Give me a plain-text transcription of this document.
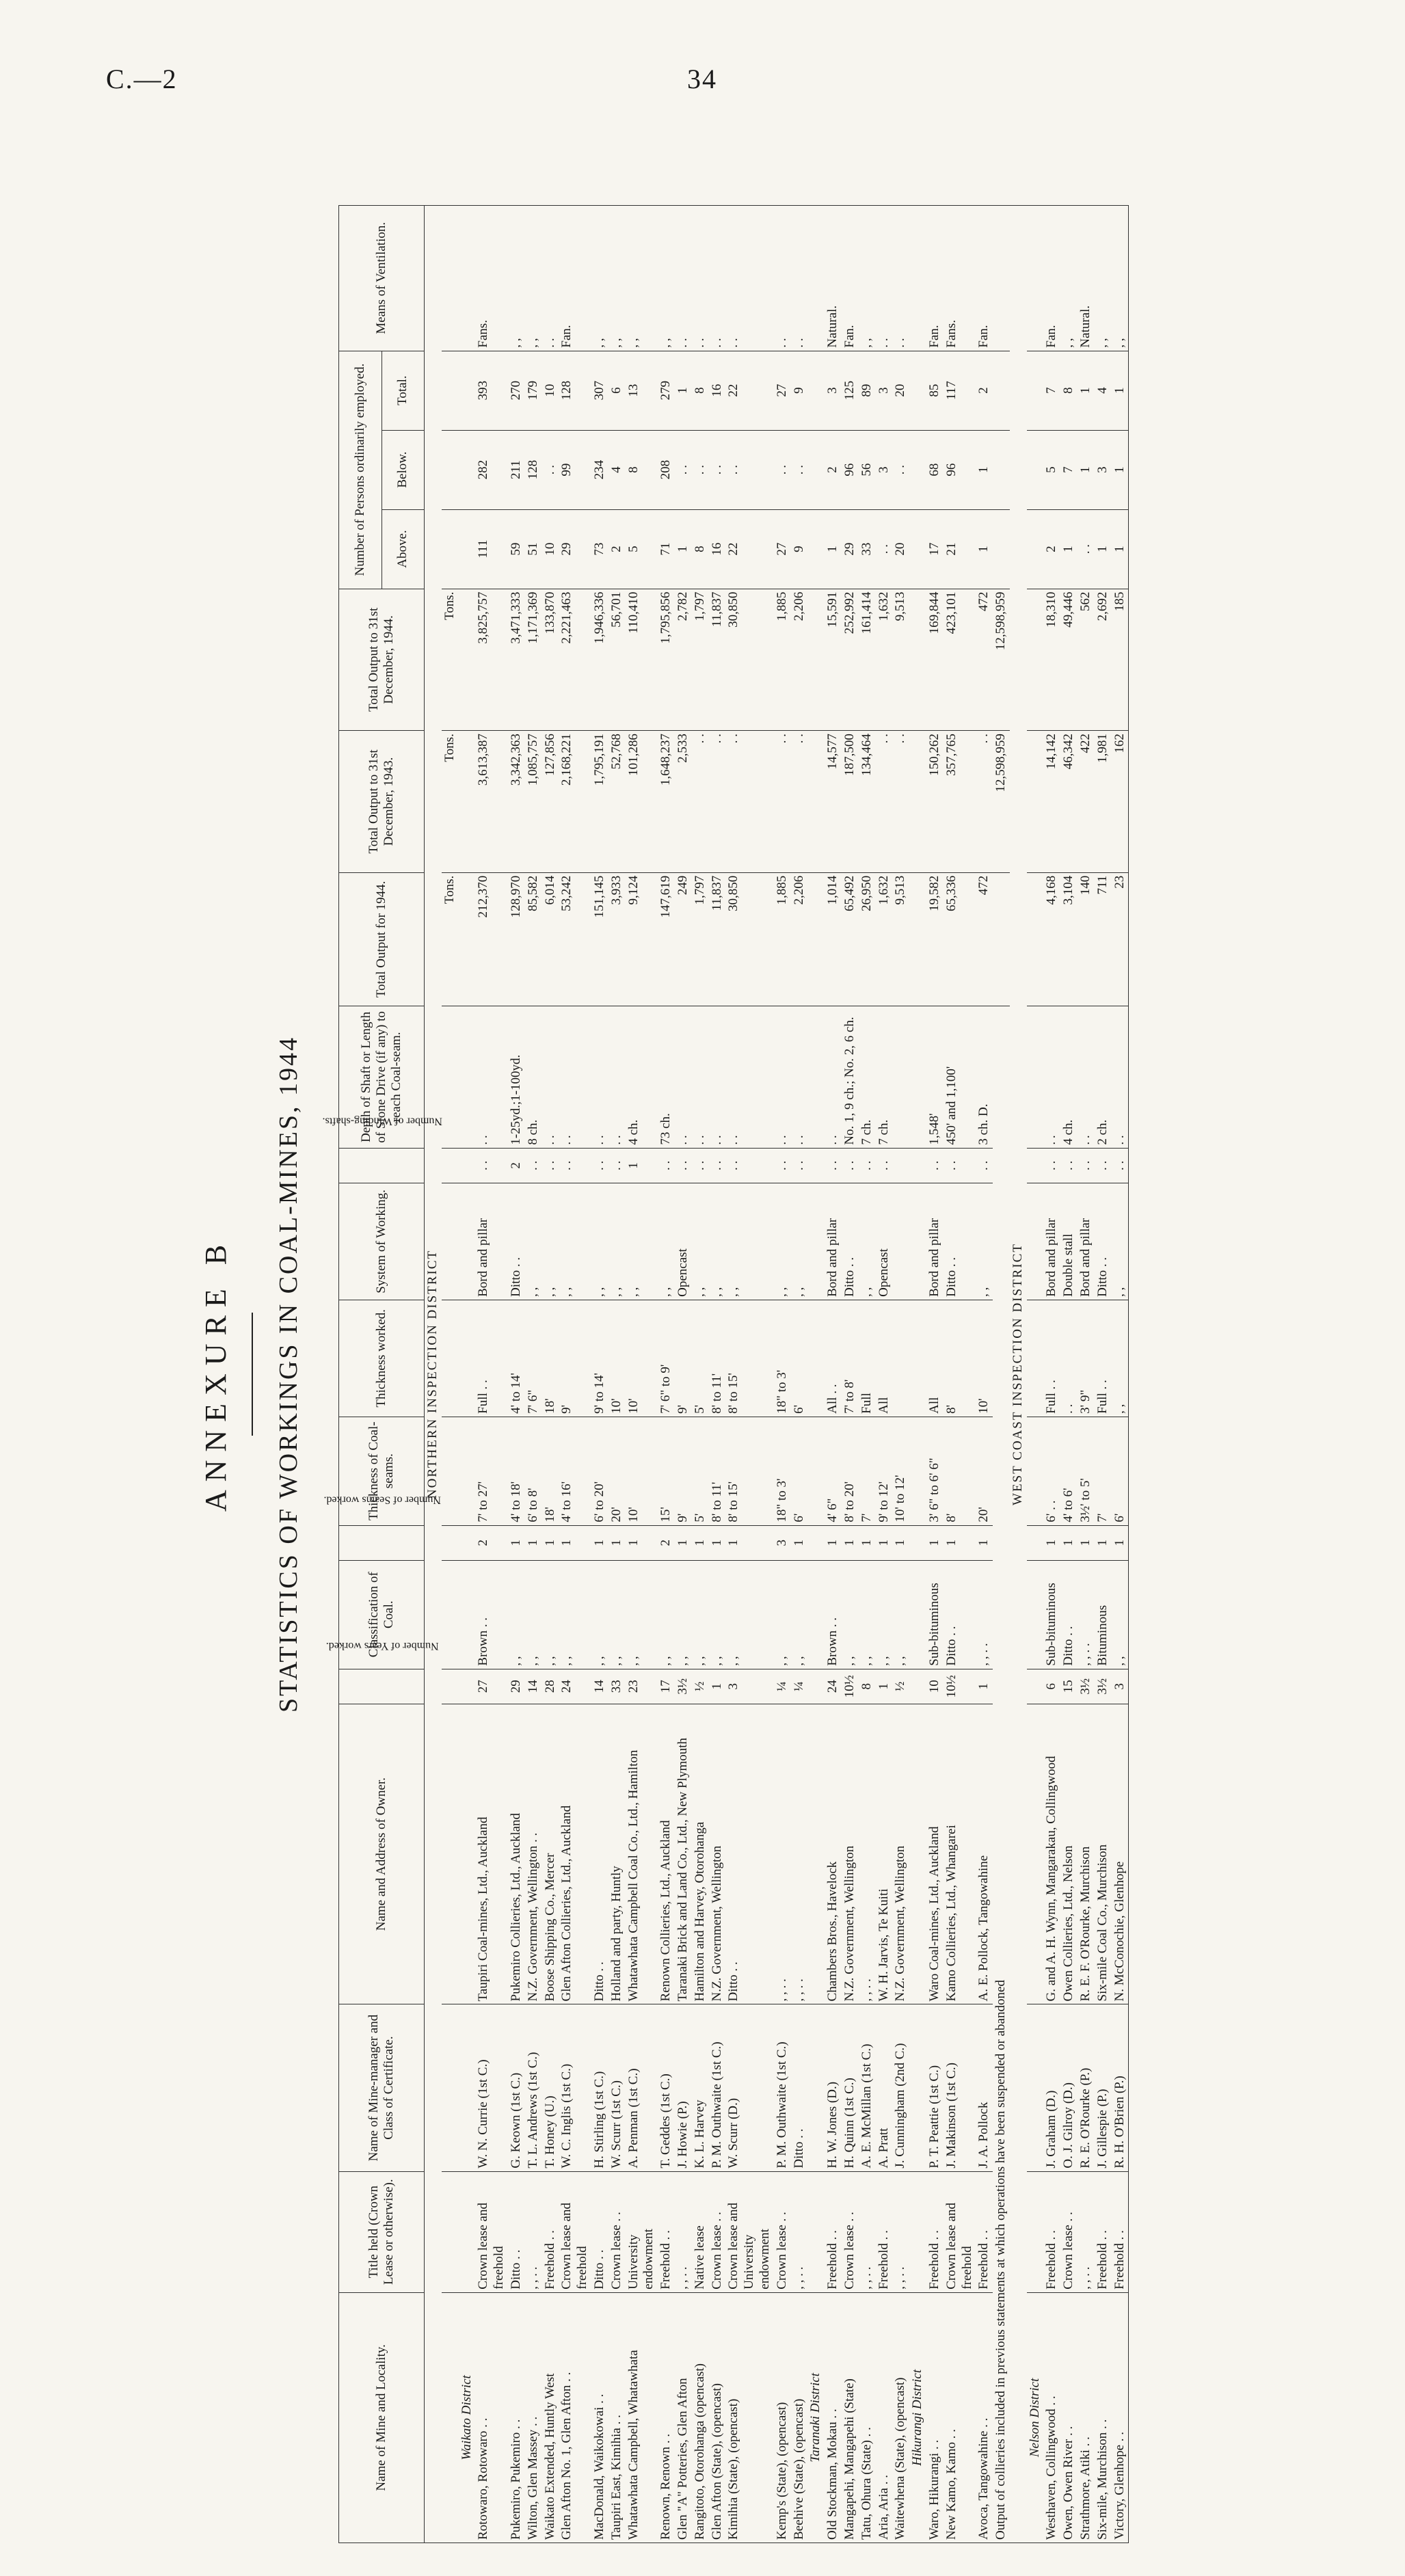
C.—2	34
ANNEXURE B STATISTICS OF WORKINGS IN COAL-MINES, 1944
Name of Mine and Locality.	Title held (Crown Lease or otherwise).	Name of Mine-manager and Class of Certificate.	Name and Address of Owner.	Number of Years worked.	Classification of Coal.	Number of Seams worked.	Thickness of Coal-seams.	Thickness worked.	System of Working.	Number of Winding-shafts.	Depth of Shaft or Length of Stone Drive (if any) to reach Coal-seam.	Total Output for 1944.	Total Output to 31st December, 1943.	Total Output to 31st December, 1944.	Number of Persons ordinarily employed.			Means of Ventilation.
															Above.	Below.	Total.	
NORTHERN INSPECTION DISTRICT																		
												Tons.	Tons.	Tons.				
Waikato District																		
Rotowaro, Rotowaro . .	Crown lease and freehold	W. N. Currie (1st C.)	Taupiri Coal-mines, Ltd., Auckland	27	Brown . .	2	7' to 27'	Full . .	Bord and pillar	. .	. .	212,370	3,613,387	3,825,757	111	282	393	Fans.
Pukemiro, Pukemiro . .	Ditto . .	G. Keown (1st C.)	Pukemiro Collieries, Ltd., Auckland	29	, ,	1	4' to 18'	4' to 14'	Ditto . .	2	1-25yd.;1-100yd.	128,970	3,342,363	3,471,333	59	211	270	, ,
Wilton, Glen Massey . .	, , . .	T. L. Andrews (1st C.)	N.Z. Government, Wellington . .	14	, ,	1	6' to 8'	7' 6"	, ,	. .	8 ch.	85,582	1,085,757	1,171,369	51	128	179	, ,
Waikato Extended, Huntly West	Freehold . .	T. Honey (U.)	Boose Shipping Co., Mercer	28	, ,	1	18'	18'	, ,	. .	. .	6,014	127,856	133,870	10	. .	10	. .
Glen Afton No. 1, Glen Afton . .	Crown lease and freehold	W. C. Inglis (1st C.)	Glen Afton Collieries, Ltd., Auckland	24	, ,	1	4' to 16'	9'	, ,	. .	. .	53,242	2,168,221	2,221,463	29	99	128	Fan.
MacDonald, Waikokowai . .	Ditto . .	H. Stirling (1st C.)	Ditto . .	14	, ,	1	6' to 20'	9' to 14'	, ,	. .	. .	151,145	1,795,191	1,946,336	73	234	307	, ,
Taupiri East, Kimihia . .	Crown lease . .	W. Scurr (1st C.)	Holland and party, Huntly	33	, ,	1	20'	10'	, ,	. .	. .	3,933	52,768	56,701	2	4	6	, ,
Whatawhata Campbell, Whatawhata	University endowment	A. Penman (1st C.)	Whatawhata Campbell Coal Co., Ltd., Hamilton	23	, ,	1	10'	10'	, ,	1	4 ch.	9,124	101,286	110,410	5	8	13	, ,
Renown, Renown . .	Freehold . .	T. Geddes (1st C.)	Renown Collieries, Ltd., Auckland	17	, ,	2	15'	7' 6" to 9'	, ,	. .	73 ch.	147,619	1,648,237	1,795,856	71	208	279	, ,
Glen "A" Potteries, Glen Afton	, , . .	J. Howie (P.)	Taranaki Brick and Land Co., Ltd., New Plymouth	3½	, ,	1	9'	9'	Opencast	. .	. .	249	2,533	2,782	1	. .	1	. .
Rangitoto, Otorohanga (opencast)	Native lease	K. L. Harvey	Hamilton and Harvey, Otorohanga	½	, ,	1	5'	5'	, ,	. .	. .	1,797	. .	1,797	8	. .	8	. .
Glen Afton (State), (opencast)	Crown lease . .	P. M. Outhwaite (1st C.)	N.Z. Government, Wellington	1	, ,	1	8' to 11'	8' to 11'	, ,	. .	. .	11,837	. .	11,837	16	. .	16	. .
Kimihia (State), (opencast)	Crown lease and University endowment	W. Scurr (D.)	Ditto . .	3	, ,	1	8' to 15'	8' to 15'	, ,	. .	. .	30,850	. .	30,850	22	. .	22	. .
Kemp's (State), (opencast)	Crown lease . .	P. M. Outhwaite (1st C.)	, , . .	¼	, ,	3	18" to 3'	18" to 3'	, ,	. .	. .	1,885	. .	1,885	27	. .	27	. .
Beehive (State), (opencast)	, , . .	Ditto . .	, , . .	¼	, ,	1	6'	6'	, ,	. .	. .	2,206	. .	2,206	9	. .	9	. .
Taranaki District																		
Old Stockman, Mokau . .	Freehold . .	H. W. Jones (D.)	Chambers Bros., Havelock	24	Brown . .	1	4' 6"	All . .	Bord and pillar	. .	. .	1,014	14,577	15,591	1	2	3	Natural.
Mangapehi, Mangapehi (State)	Crown lease . .	H. Quinn (1st C.)	N.Z. Government, Wellington	10½	, ,	1	8' to 20'	7' to 8'	Ditto . .	. .	No. 1, 9 ch.; No. 2, 6 ch.	65,492	187,500	252,992	29	96	125	Fan.
Tatu, Ohura (State) . .	, , . .	A. E. McMillan (1st C.)	, , . .	8	, ,	1	7'	Full	, ,	. .	7 ch.	26,950	134,464	161,414	33	56	89	, ,
Aria, Aria . .	Freehold . .	A. Pratt	W. H. Jarvis, Te Kuiti	1	, ,	1	9' to 12'	All	Opencast	. .	7 ch.	1,632	. .	1,632	. .	3	3	. .
Waitewhena (State), (opencast)	, , . .	J. Cunningham (2nd C.)	N.Z. Government, Wellington	½	, ,	1	10' to 12'					9,513	. .	9,513	20	. .	20	. .
Hikurangi District																		
Waro, Hikurangi . .	Freehold . .	P. T. Peattie (1st C.)	Waro Coal-mines, Ltd., Auckland	10	Sub-bituminous	1	3' 6" to 6' 6"	All	Bord and pillar	. .	1,548'	19,582	150,262	169,844	17	68	85	Fan.
New Kamo, Kamo . .	Crown lease and freehold	J. Makinson (1st C.)	Kamo Collieries, Ltd., Whangarei	10½	Ditto . .	1	8'	8'	Ditto . .	. .	450' and 1,100'	65,336	357,765	423,101	21	96	117	Fans.
Avoca, Tangowahine . .	Freehold . .	J. A. Pollock	A. E. Pollock, Tangowahine	1	, , . .	1	20'	10'	, ,	. .	3 ch. D.	472	. .	472	1	1	2	Fan.
Output of collieries included in previous statements at which operations have been suspended or abandoned													12,598,959	12,598,959				
WEST COAST INSPECTION DISTRICT																		
Nelson District																		
Westhaven, Collingwood . .	Freehold . .	J. Graham (D.)	G. and A. H. Wynn, Mangarakau, Collingwood	6	Sub-bituminous	1	6' . .	Full . .	Bord and pillar	. .	. .	4,168	14,142	18,310	2	5	7	Fan.
Owen, Owen River . .	Crown lease . .	O. J. Gilroy (D.)	Owen Collieries, Ltd., Nelson	15	Ditto . .	1	4' to 6'	. .	Double stall	. .	4 ch.	3,104	46,342	49,446	1	7	8	, ,
Strathmore, Atiki . .	, , . .	R. E. O'Rourke (P.)	R. E. F. O'Rourke, Murchison	3½	, , . .	1	3½' to 5'	3' 9"	Bord and pillar	. .	. .	140	422	562	. .	1	1	Natural.
Six-mile, Murchison . .	Freehold . .	J. Gillespie (P.)	Six-mile Coal Co., Murchison	3½	Bituminous	1	7'	Full . .	Ditto . .	. .	2 ch.	711	1,981	2,692	1	3	4	, ,
Victory, Glenhope . .	Freehold . .	R. H. O'Brien (P.)	N. McConochie, Glenhope	3	, ,	1	6'	, ,	, ,	. .	. .	23	162	185	1	1	1	, ,
